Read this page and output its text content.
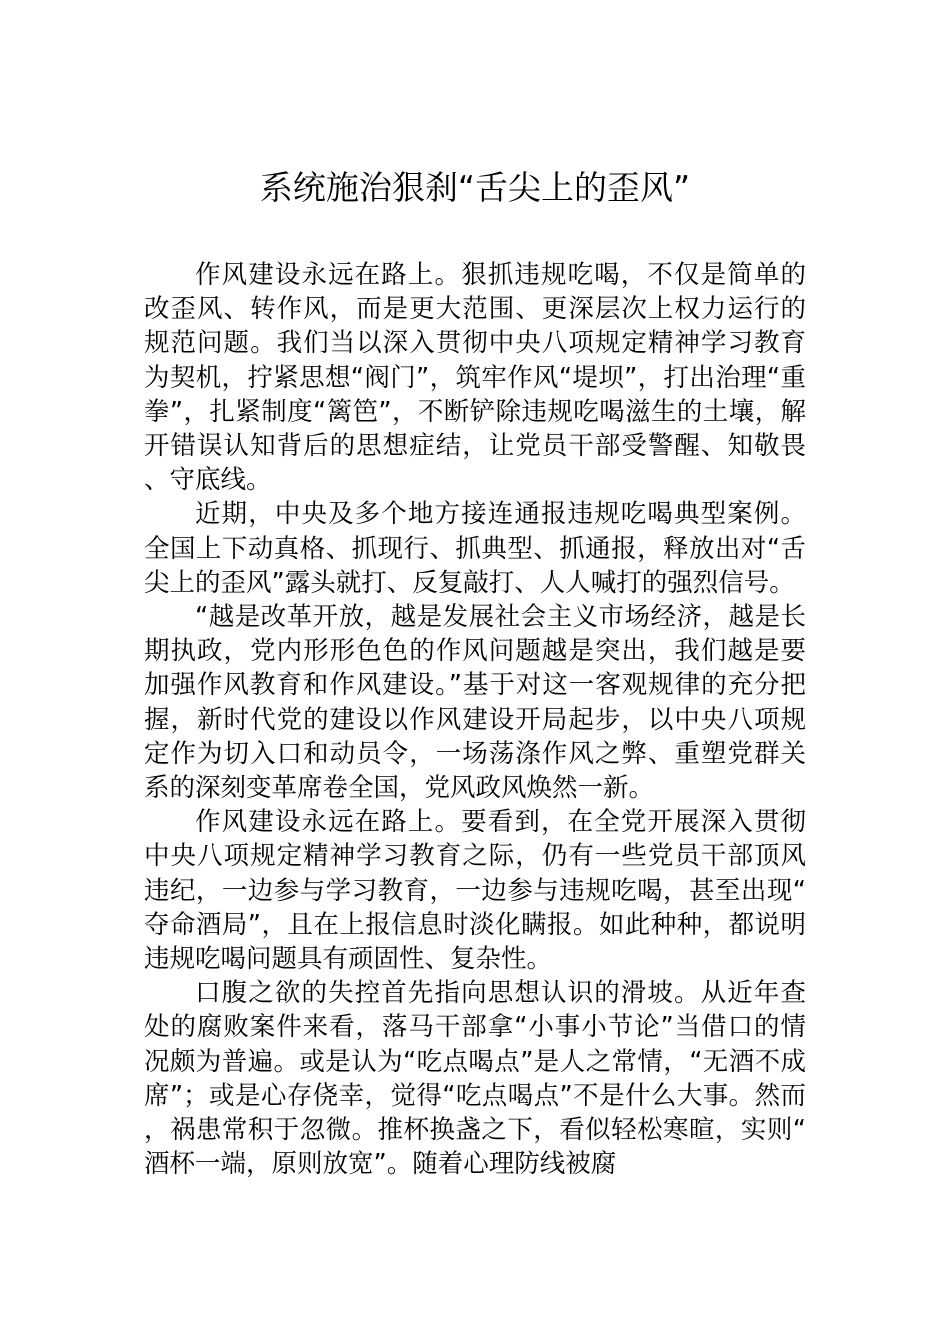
系统施治狠刹“舌尖上的歪风”

作风建设永远在路上。狠抓违规吃喝，不仅是简单的改歪风、转作风，而是更大范围、更深层次上权力运行的规范问题。我们当以深入贯彻中央八项规定精神学习教育为契机，拧紧思想“阀门”，筑牢作风“堤坝”，打出治理“重拳”，扎紧制度“篱笆”，不断铲除违规吃喝滋生的土壤，解开错误认知背后的思想症结，让党员干部受警醒、知敬畏、守底线。

近期，中央及多个地方接连通报违规吃喝典型案例。全国上下动真格、抓现行、抓典型、抓通报，释放出对“舌尖上的歪风”露头就打、反复敲打、人人喊打的强烈信号。

“越是改革开放，越是发展社会主义市场经济，越是长期执政，党内形形色色的作风问题越是突出，我们越是要加强作风教育和作风建设。”基于对这一客观规律的充分把握，新时代党的建设以作风建设开局起步，以中央八项规定作为切入口和动员令，一场荡涤作风之弊、重塑党群关系的深刻变革席卷全国，党风政风焕然一新。

作风建设永远在路上。要看到，在全党开展深入贯彻中央八项规定精神学习教育之际，仍有一些党员干部顶风违纪，一边参与学习教育，一边参与违规吃喝，甚至出现“夺命酒局”，且在上报信息时淡化瞒报。如此种种，都说明违规吃喝问题具有顽固性、复杂性。

口腹之欲的失控首先指向思想认识的滑坡。从近年查处的腐败案件来看，落马干部拿“小事小节论”当借口的情况颇为普遍。或是认为“吃点喝点”是人之常情，“无酒不成席”；或是心存侥幸，觉得“吃点喝点”不是什么大事。然而，祸患常积于忽微。推杯换盏之下，看似轻松寒暄，实则“酒杯一端，原则放宽”。随着心理防线被腐
